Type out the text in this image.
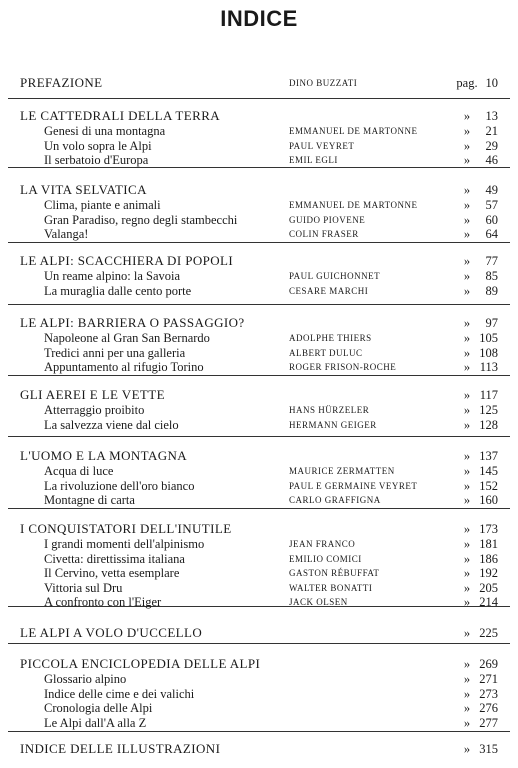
INDICE
PREFAZIONE	DINO BUZZATI	pag. 10
LE CATTEDRALI DELLA TERRA	»	13
Genesi di una montagna	EMMANUEL DE MARTONNE	»	21
Un volo sopra le Alpi	PAUL VEYRET	»	29
Il serbatoio d'Europa	EMIL EGLI	»	46
LA VITA SELVATICA	»	49
Clima, piante e animali	EMMANUEL DE MARTONNE	»	57
Gran Paradiso, regno degli stambecchi	GUIDO PIOVENE	»	60
Valanga!	COLIN FRASER	»	64
LE ALPI: SCACCHIERA DI POPOLI	»	77
Un reame alpino: la Savoia	PAUL GUICHONNET	»	85
La muraglia dalle cento porte	CESARE MARCHI	»	89
LE ALPI: BARRIERA O PASSAGGIO?	»	97
Napoleone al Gran San Bernardo	ADOLPHE THIERS	» 105
Tredici anni per una galleria	ALBERT DULUC	» 108
Appuntamento al rifugio Torino	ROGER FRISON-ROCHE	» 113
GLI AEREI E LE VETTE	» 117
Atterraggio proibito	HANS HÜRZELER	» 125
La salvezza viene dal cielo	HERMANN GEIGER	» 128
L'UOMO E LA MONTAGNA	» 137
Acqua di luce	MAURICE ZERMATTEN	» 145
La rivoluzione dell'oro bianco	PAUL E GERMAINE VEYRET	» 152
Montagne di carta	CARLO GRAFFIGNA	» 160
I CONQUISTATORI DELL'INUTILE	» 173
I grandi momenti dell'alpinismo	JEAN FRANCO	» 181
Civetta: direttissima italiana	EMILIO COMICI	» 186
Il Cervino, vetta esemplare	GASTON RÉBUFFAT	» 192
Vittoria sul Dru	WALTER BONATTI	» 205
A confronto con l'Eiger	JACK OLSEN	» 214
LE ALPI A VOLO D'UCCELLO	» 225
PICCOLA ENCICLOPEDIA DELLE ALPI	» 269
Glossario alpino	» 271
Indice delle cime e dei valichi	» 273
Cronologia delle Alpi	» 276
Le Alpi dall'A alla Z	» 277
INDICE DELLE ILLUSTRAZIONI	» 315
